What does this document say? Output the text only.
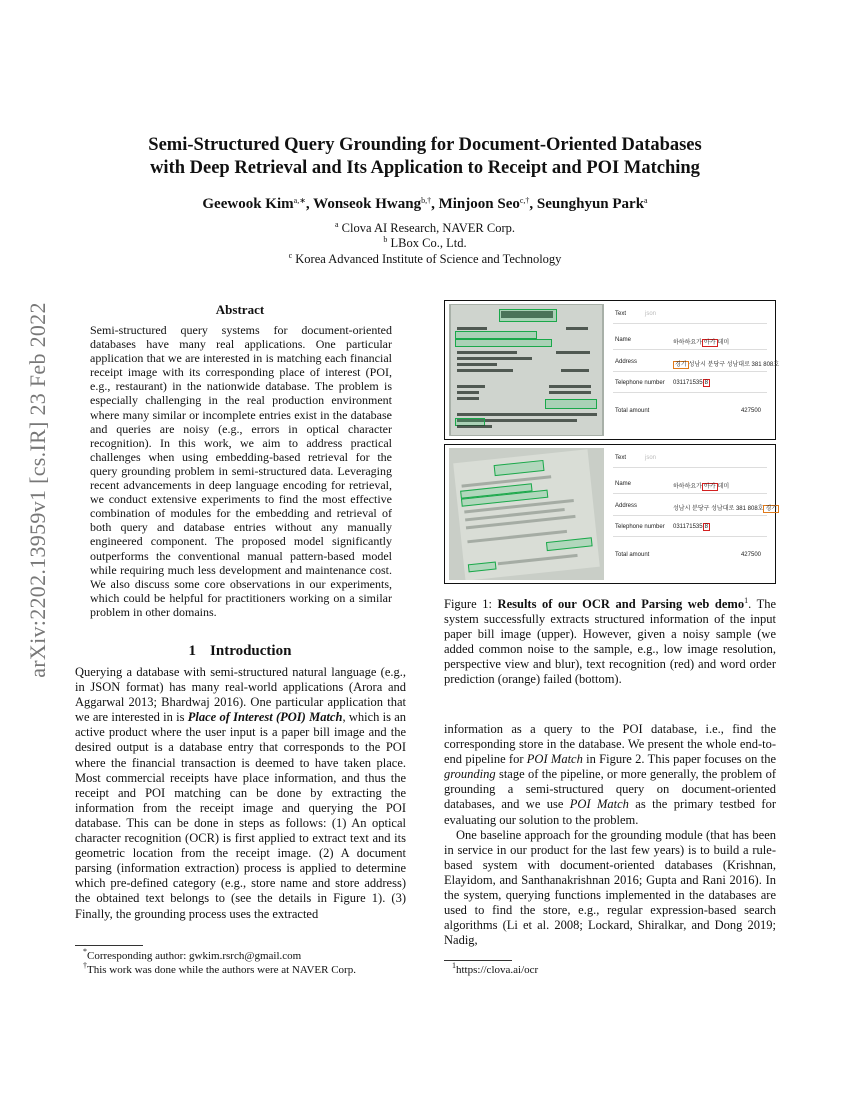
arXiv:2202.13959v1 [cs.IR] 23 Feb 2022
Semi-Structured Query Grounding for Document-Oriented Databases
with Deep Retrieval and Its Application to Receipt and POI Matching
Geewook Kim$^{a,∗}$, Wonseok Hwang$^{b,\dagger}$, Minjoon Seo$^{c,\dagger}$, Seunghyun Park$^a$
$^a$ Clova AI Research, NAVER Corp.
$^b$ LBox Co., Ltd.
$^c$ Korea Advanced Institute of Science and Technology
Abstract
Semi-structured query systems for document-oriented databases have many real applications. One particular application that we are interested in is matching each financial receipt image with its corresponding place of interest (POI, e.g., restaurant) in the nationwide database. The problem is especially challenging in the real production environment where many similar or incomplete entries exist in the database and queries are noisy (e.g., errors in optical character recognition). In this work, we aim to address practical challenges when using embedding-based retrieval for the query grounding problem in semi-structured data. Leveraging recent advancements in deep language encoding for retrieval, we conduct extensive experiments to find the most effective combination of modules for the embedding and retrieval of both query and database entries without any manually engineered component. The proposed model significantly outperforms the conventional manual pattern-based model while requiring much less development and maintenance cost. We also discuss some core observations in our experiments, which could be helpful for practitioners working on a similar problem in other domains.
1 Introduction

Querying a database with semi-structured natural language (e.g., in JSON format) has many real-world applications (Arora and Aggarwal 2013; Bhardwaj 2016). One particular application that we are interested in is Place of Interest (POI) Match, which is an active product where the user input is a paper bill image and the desired output is a database entry that corresponds to the POI where the financial transaction is deemed to have taken place. Most commercial receipts have place information, and thus the receipt and POI matching can be done by extracting the information from the receipt image and querying the POI database. This can be done in steps as follows: (1) An optical character recognition (OCR) is first applied to extract text and its geometric location from the receipt image. (2) A document parsing (information extraction) process is applied to determine which pre-defined category (e.g., store name and store address) the obtained text belongs to (see the details in Figure 1). (3) Finally, the grounding process uses the extracted

*Corresponding author: gwkim.rsrch@gmail.com
†This work was done while the authors were at NAVER Corp.
Text	json
Name	하하하요가 아카 데미
Address	경기 성남시 분당구 성남대로 381 808호
Telephone number 031171535 8
Total amount	427500
Text	json
Name	하하하요가 아카 데미
Address	성남시 분당구 성남대로 381 808호 경기
Telephone number 031171535 8
Total amount	427500
Figure 1: Results of our OCR and Parsing web demo$^1$. The system successfully extracts structured information of the input paper bill image (upper). However, given a noisy sample (we added common noise to the sample, e.g., low image resolution, perspective view and blur), text recognition (red) and word order prediction (orange) failed (bottom).

information as a query to the POI database, i.e., find the corresponding store in the database. We present the whole end-to-end pipeline for POI Match in Figure 2. This paper focuses on the grounding stage of the pipeline, or more generally, the problem of grounding a semi-structured query on document-oriented databases, and we use POI Match as the primary testbed for evaluating our solution to the problem.

One baseline approach for the grounding module (that has been in service in our product for the last few years) is to build a rule-based system with document-oriented databases (Krishnan, Elayidom, and Santhanakrishnan 2016; Gupta and Rani 2016). In the system, querying functions implemented in the databases are used to find the store, e.g., regular expression-based search algorithms (Li et al. 2008; Lockard, Shiralkar, and Dong 2019; Nadig,

$^1$https://clova.ai/ocr
